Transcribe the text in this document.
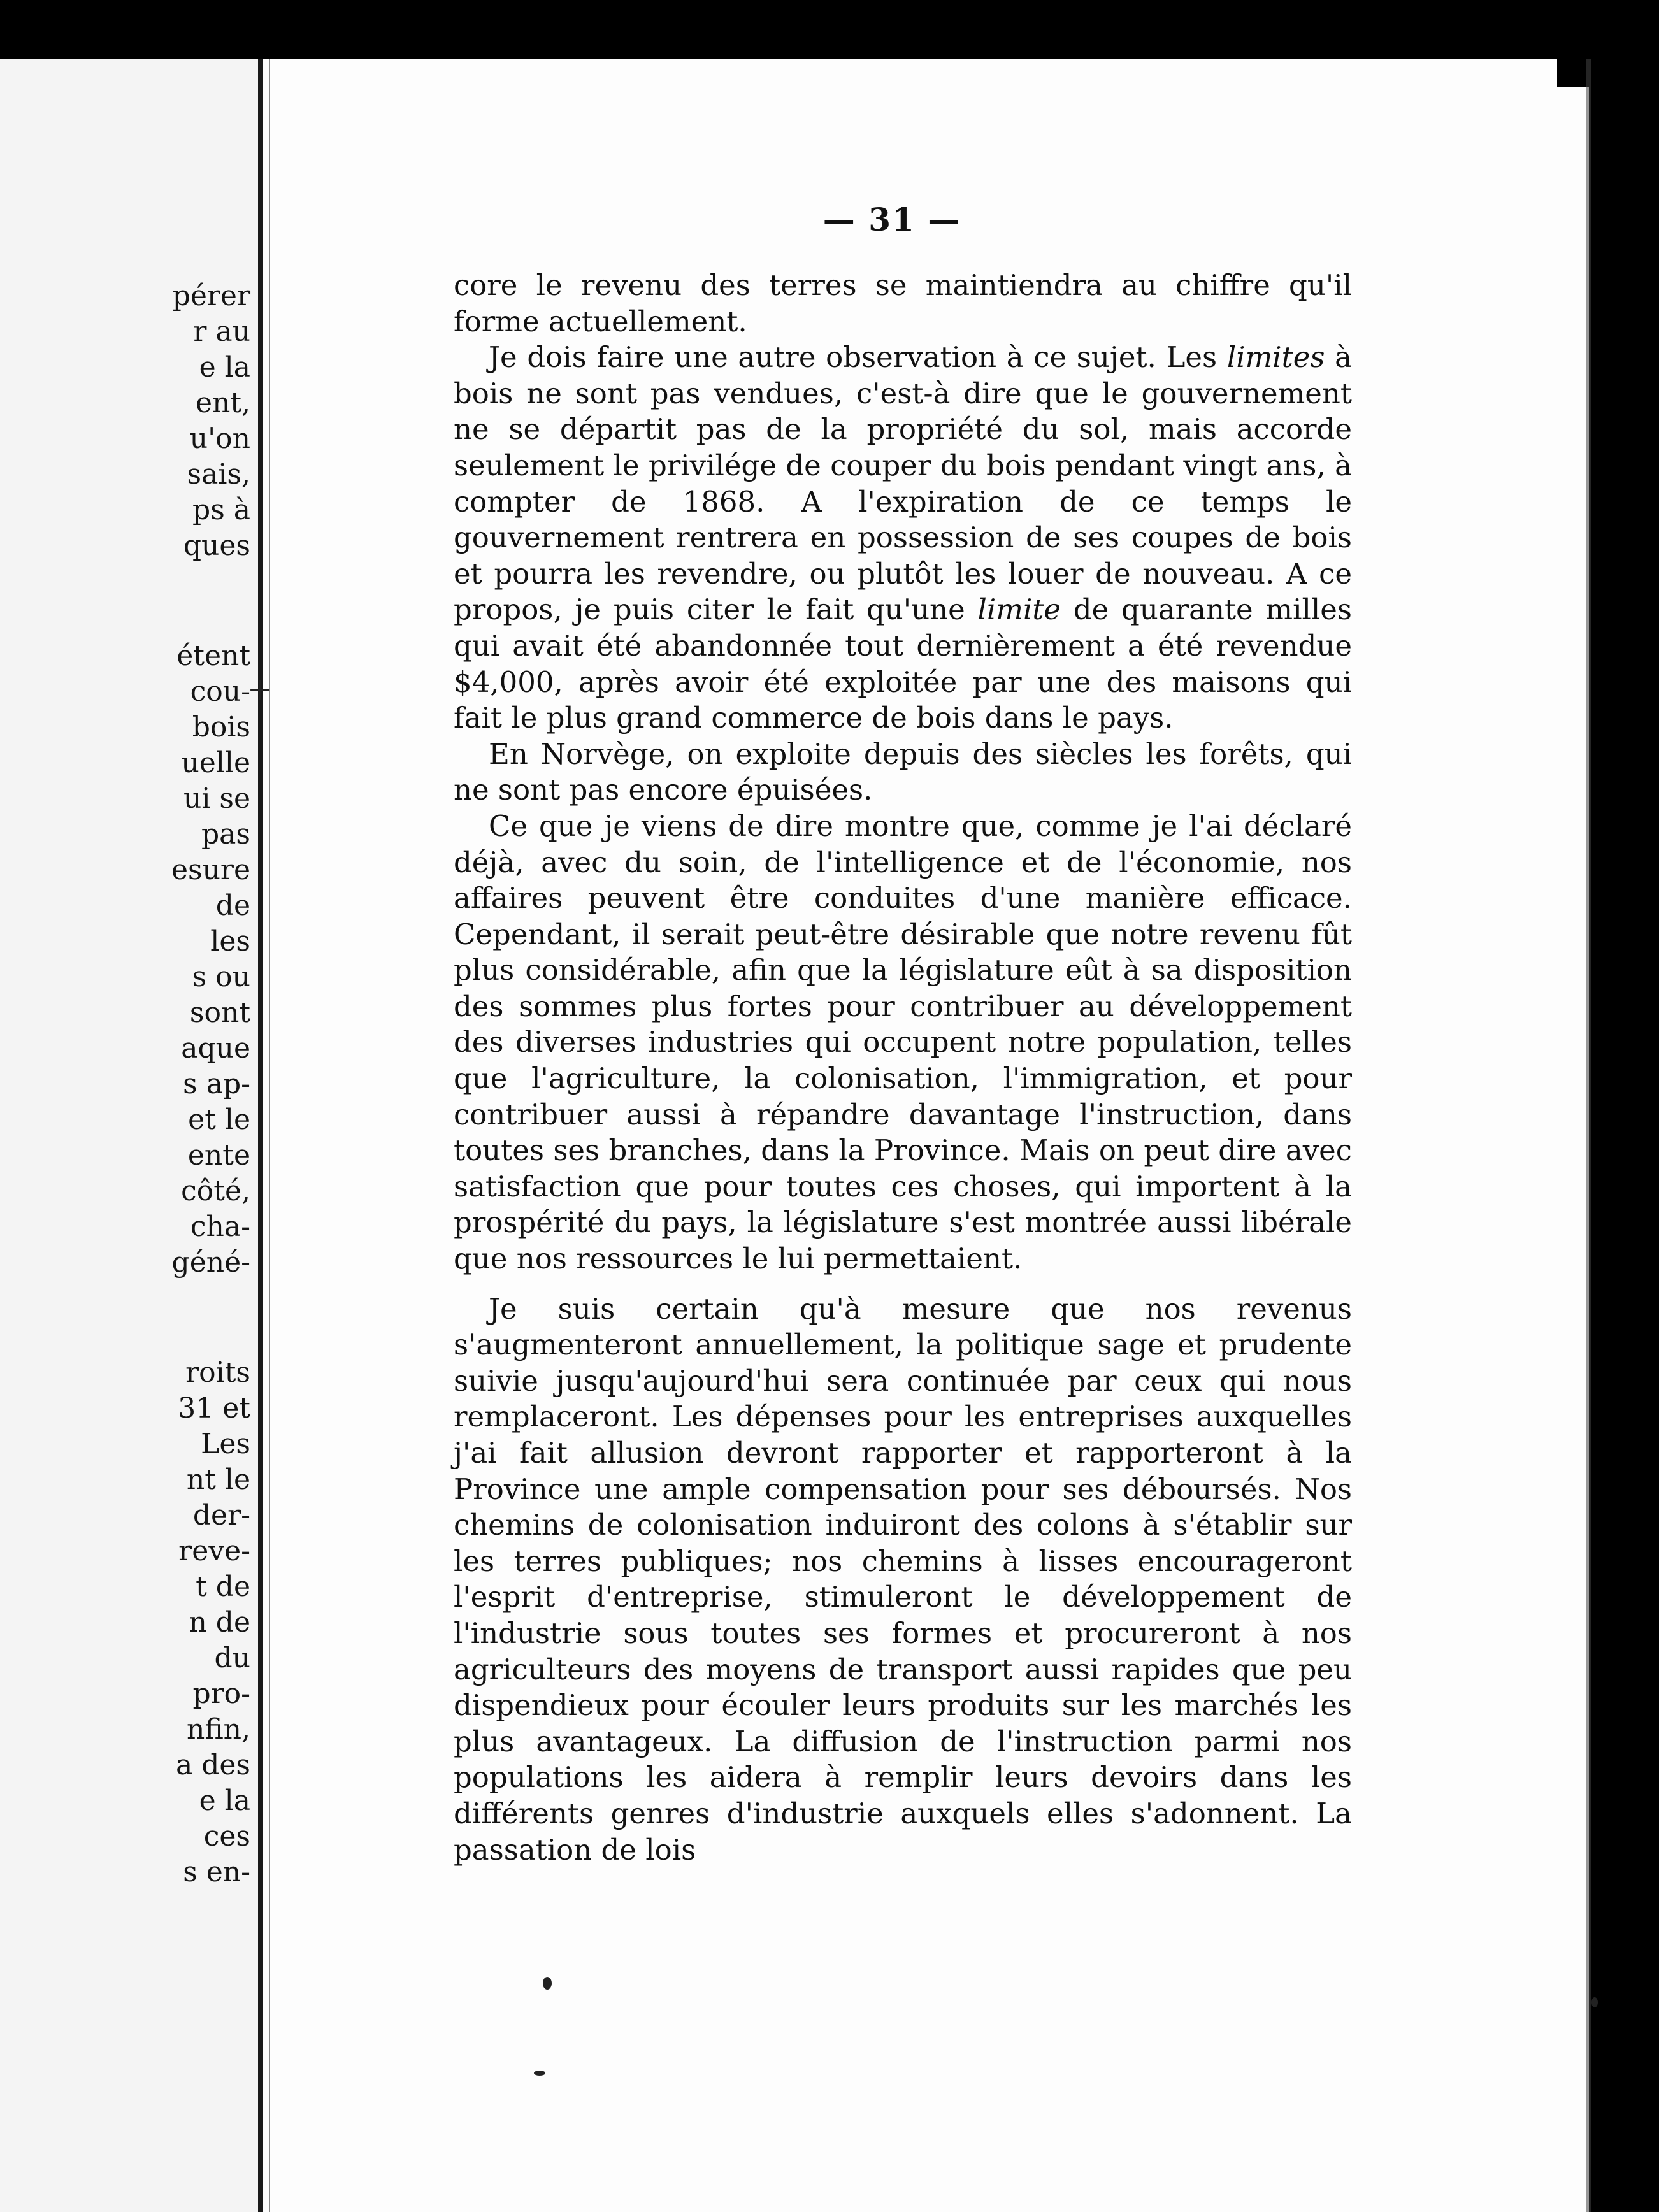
pérer

r au

e la

ent,

u'on

sais,

ps à

ques

étent

cou-

bois

uelle

ui se

pas

esure

de

les

s ou

sont

aque

s ap-

et le

ente

côté,

cha-

géné-

roits

31 et

Les

nt le

der-

reve-

t de

n de

du

pro-

nfin,

a des

e la

ces

s en-

— 31 —

core le revenu des terres se maintiendra au chiffre qu'il forme actuellement.

Je dois faire une autre observation à ce sujet. Les limites à bois ne sont pas vendues, c'est-à dire que le gouvernement ne se départit pas de la propriété du sol, mais accorde seulement le privilége de couper du bois pendant vingt ans, à compter de 1868. A l'expiration de ce temps le gouvernement rentrera en possession de ses coupes de bois et pourra les revendre, ou plutôt les louer de nouveau. A ce propos, je puis citer le fait qu'une limite de quarante milles qui avait été abandonnée tout dernièrement a été revendue $4,000, après avoir été exploitée par une des maisons qui fait le plus grand commerce de bois dans le pays.

En Norvège, on exploite depuis des siècles les forêts, qui ne sont pas encore épuisées.

Ce que je viens de dire montre que, comme je l'ai déclaré déjà, avec du soin, de l'intelligence et de l'économie, nos affaires peuvent être conduites d'une manière efficace. Cependant, il serait peut-être désirable que notre revenu fût plus considérable, afin que la législature eût à sa disposition des sommes plus fortes pour contribuer au développement des diverses industries qui occupent notre population, telles que l'agriculture, la colonisation, l'immigration, et pour contribuer aussi à répandre davantage l'instruction, dans toutes ses branches, dans la Province. Mais on peut dire avec satisfaction que pour toutes ces choses, qui importent à la prospérité du pays, la législature s'est montrée aussi libérale que nos ressources le lui permettaient.

Je suis certain qu'à mesure que nos revenus s'augmenteront annuellement, la politique sage et prudente suivie jusqu'aujourd'hui sera continuée par ceux qui nous remplaceront. Les dépenses pour les entreprises auxquelles j'ai fait allusion devront rapporter et rapporteront à la Province une ample compensation pour ses déboursés. Nos chemins de colonisation induiront des colons à s'établir sur les terres publiques; nos chemins à lisses encourageront l'esprit d'entreprise, stimuleront le développement de l'industrie sous toutes ses formes et procureront à nos agriculteurs des moyens de transport aussi rapides que peu dispendieux pour écouler leurs produits sur les marchés les plus avantageux. La diffusion de l'instruction parmi nos populations les aidera à remplir leurs devoirs dans les différents genres d'industrie auxquels elles s'adonnent. La passation de lois

+
